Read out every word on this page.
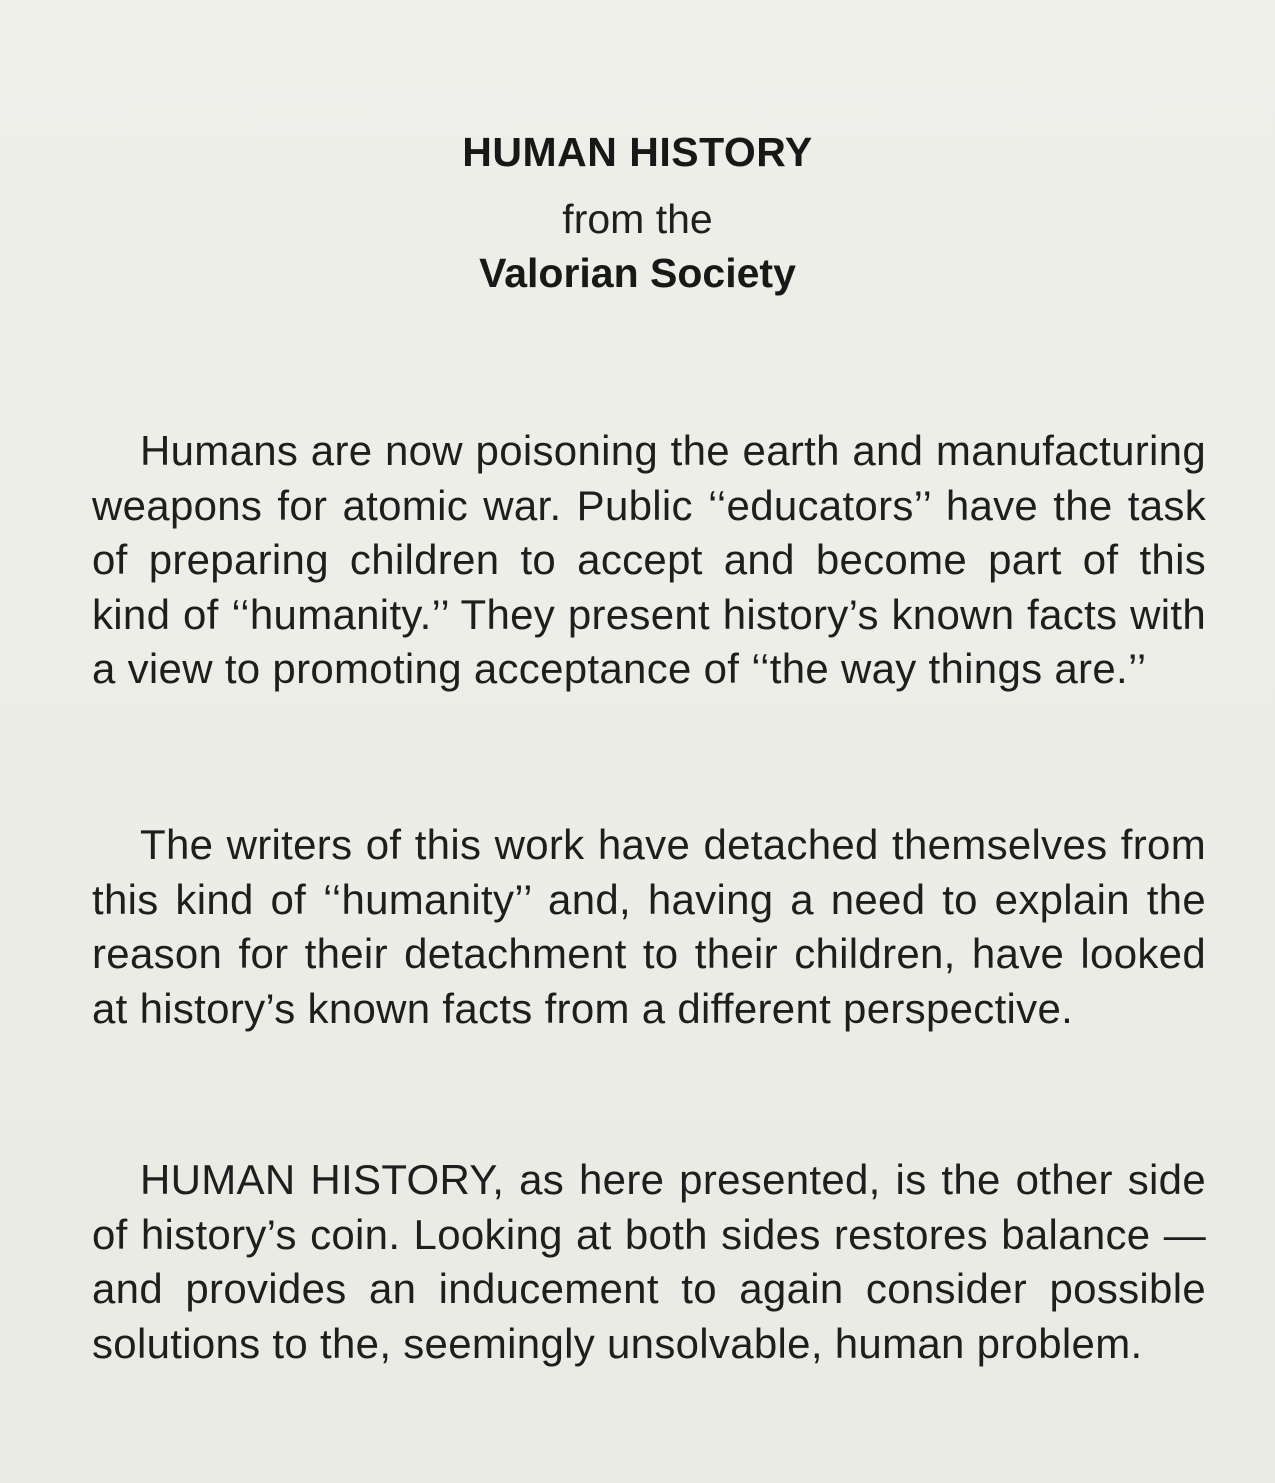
HUMAN HISTORY
from the
Valorian Society

Humans are now poisoning the earth and manufacturing weapons for atomic war. Public ‘‘educators’’ have the task of preparing children to accept and become part of this kind of ‘‘humanity.’’ They present history’s known facts with a view to promoting acceptance of ‘‘the way things are.’’

The writers of this work have detached themselves from this kind of ‘‘humanity’’ and, having a need to explain the reason for their detachment to their children, have looked at history’s known facts from a different perspective.

HUMAN HISTORY, as here presented, is the other side of history’s coin. Looking at both sides restores balance — and provides an inducement to again consider possible solutions to the, seemingly unsolvable, human problem.
